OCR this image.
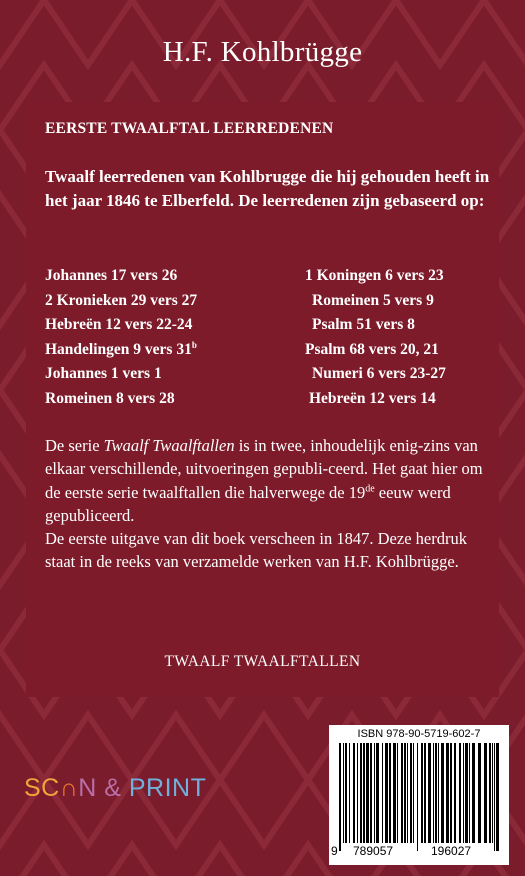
H.F. Kohlbrügge
EERSTE TWAALFTAL LEERREDENEN
Twaalf leerredenen van Kohlbrugge die hij gehouden heeft in het jaar 1846 te Elberfeld. De leerredenen zijn gebaseerd op:
Johannes 17 vers 26
2 Kronieken 29 vers 27
Hebreën 12 vers 22-24
Handelingen 9 vers 31$^b$
Johannes 1 vers 1
Romeinen 8 vers 28
1 Koningen 6 vers 23
Romeinen 5 vers 9
Psalm 51 vers 8
Psalm 68 vers 20, 21
Numeri 6 vers 23-27
Hebreën 12 vers 14
De serie Twaalf Twaalftallen is in twee, inhoudelijk enig-zins van elkaar verschillende, uitvoeringen gepubli-ceerd. Het gaat hier om de eerste serie twaalftallen die halverwege de 19de eeuw werd gepubliceerd.
De eerste uitgave van dit boek verscheen in 1847. Deze herdruk staat in de reeks van verzamelde werken van H.F. Kohlbrügge.
TWAALF TWAALFTALLEN
SC∩N & PRINT
ISBN 978-90-5719-602-7
9 789057	196027
